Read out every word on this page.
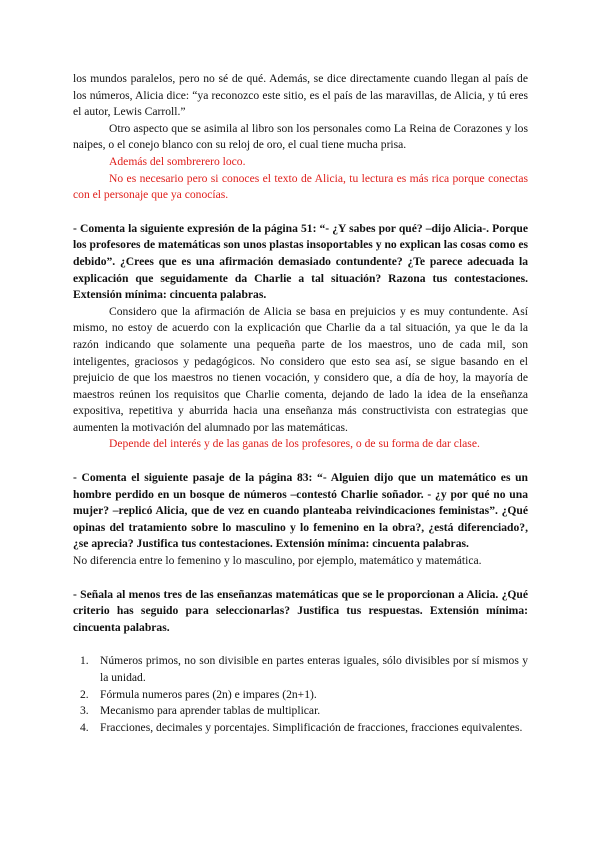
los mundos paralelos, pero no sé de qué. Además, se dice directamente cuando llegan al país de los números, Alicia dice: “ya reconozco este sitio, es el país de las maravillas, de Alicia, y tú eres el autor, Lewis Carroll.”

Otro aspecto que se asimila al libro son los personales como La Reina de Corazones y los naipes, o el conejo blanco con su reloj de oro, el cual tiene mucha prisa.

Además del sombrerero loco.

No es necesario pero si conoces el texto de Alicia, tu lectura es más rica porque conectas con el personaje que ya conocías.

- Comenta la siguiente expresión de la página 51: “- ¿Y sabes por qué? –dijo Alicia-. Porque los profesores de matemáticas son unos plastas insoportables y no explican las cosas como es debido”. ¿Crees que es una afirmación demasiado contundente? ¿Te parece adecuada la explicación que seguidamente da Charlie a tal situación? Razona tus contestaciones. Extensión mínima: cincuenta palabras.

Considero que la afirmación de Alicia se basa en prejuicios y es muy contundente. Así mismo, no estoy de acuerdo con la explicación que Charlie da a tal situación, ya que le da la razón indicando que solamente una pequeña parte de los maestros, uno de cada mil, son inteligentes, graciosos y pedagógicos. No considero que esto sea así, se sigue basando en el prejuicio de que los maestros no tienen vocación, y considero que, a día de hoy, la mayoría de maestros reúnen los requisitos que Charlie comenta, dejando de lado la idea de la enseñanza expositiva, repetitiva y aburrida hacia una enseñanza más constructivista con estrategias que aumenten la motivación del alumnado por las matemáticas.

Depende del interés y de las ganas de los profesores, o de su forma de dar clase.

- Comenta el siguiente pasaje de la página 83: “- Alguien dijo que un matemático es un hombre perdido en un bosque de números –contestó Charlie soñador. - ¿y por qué no una mujer? –replicó Alicia, que de vez en cuando planteaba reivindicaciones feministas”. ¿Qué opinas del tratamiento sobre lo masculino y lo femenino en la obra?, ¿está diferenciado?, ¿se aprecia? Justifica tus contestaciones. Extensión mínima: cincuenta palabras.

No diferencia entre lo femenino y lo masculino, por ejemplo, matemático y matemática.

- Señala al menos tres de las enseñanzas matemáticas que se le proporcionan a Alicia. ¿Qué criterio has seguido para seleccionarlas? Justifica tus respuestas. Extensión mínima: cincuenta palabras.

1. Números primos, no son divisible en partes enteras iguales, sólo divisibles por sí mismos y la unidad.
2. Fórmula numeros pares (2n) e impares (2n+1).
3. Mecanismo para aprender tablas de multiplicar.
4. Fracciones, decimales y porcentajes. Simplificación de fracciones, fracciones equivalentes.
